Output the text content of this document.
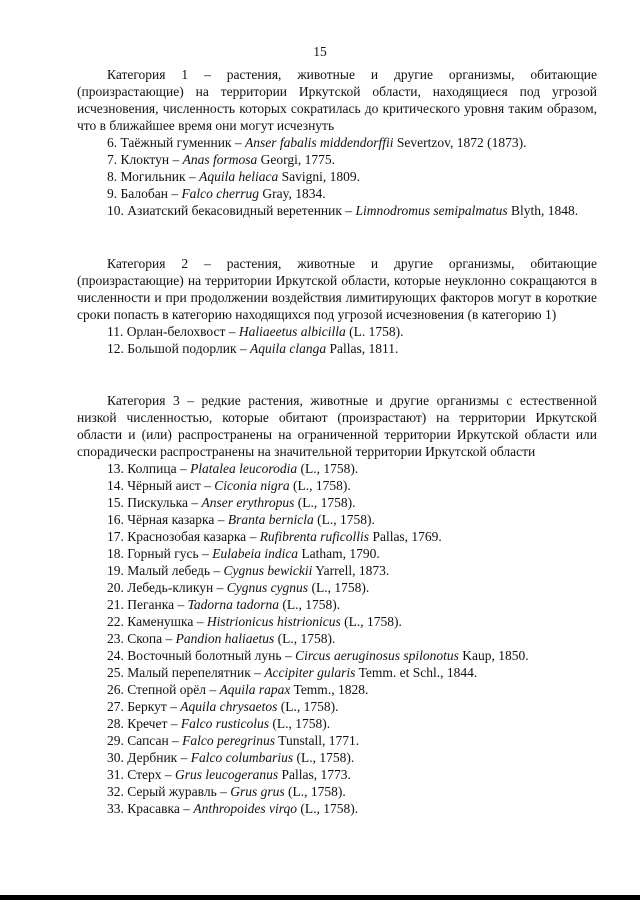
15

Категория 1 – растения, животные и другие организмы, обитающие (произрастающие) на территории Иркутской области, находящиеся под угрозой исчезновения, численность которых сократилась до критического уровня таким образом, что в ближайшее время они могут исчезнуть

6. Таёжный гуменник – Anser fabalis middendorffii Severtzov, 1872 (1873).

7. Клоктун – Anas formosa Georgi, 1775.

8. Могильник – Aquila heliaca Savigni, 1809.

9. Балобан – Falco cherrug Gray, 1834.

10. Азиатский бекасовидный веретенник – Limnodromus semipalmatus Blyth, 1848.

Категория 2 – растения, животные и другие организмы, обитающие (произрастающие) на территории Иркутской области, которые неуклонно сокращаются в численности и при продолжении воздействия лимитирующих факторов могут в короткие сроки попасть в категорию находящихся под угрозой исчезновения (в категорию 1)

11. Орлан-белохвост – Haliaeetus albicilla (L. 1758).

12. Большой подорлик – Aquila clanga Pallas, 1811.

Категория 3 – редкие растения, животные и другие организмы с естественной низкой численностью, которые обитают (произрастают) на территории Иркутской области и (или) распространены на ограниченной территории Иркутской области или спорадически распространены на значительной территории Иркутской области

13. Колпица – Platalea leucorodia (L., 1758).

14. Чёрный аист – Ciconia nigra (L., 1758).

15. Пискулька – Anser erythropus (L., 1758).

16. Чёрная казарка – Branta bernicla (L., 1758).

17. Краснозобая казарка – Rufibrenta ruficollis Pallas, 1769.

18. Горный гусь – Eulabeia indica Latham, 1790.

19. Малый лебедь – Cygnus bewickii Yarrell, 1873.

20. Лебедь-кликун – Cygnus cygnus (L., 1758).

21. Пеганка – Tadorna tadorna (L., 1758).

22. Каменушка – Histrionicus histrionicus (L., 1758).

23. Скопа – Pandion haliaetus (L., 1758).

24. Восточный болотный лунь – Circus aeruginosus spilonotus Kaup, 1850.

25. Малый перепелятник – Accipiter gularis Temm. et Schl., 1844.

26. Степной орёл – Aquila rapax Temm., 1828.

27. Беркут – Aquila chrysaetos (L., 1758).

28. Кречет – Falco rusticolus (L., 1758).

29. Сапсан – Falco peregrinus Tunstall, 1771.

30. Дербник – Falco columbarius (L., 1758).

31. Стерх – Grus leucogeranus Pallas, 1773.

32. Серый журавль – Grus grus (L., 1758).

33. Красавка – Anthropoides virqo (L., 1758).
